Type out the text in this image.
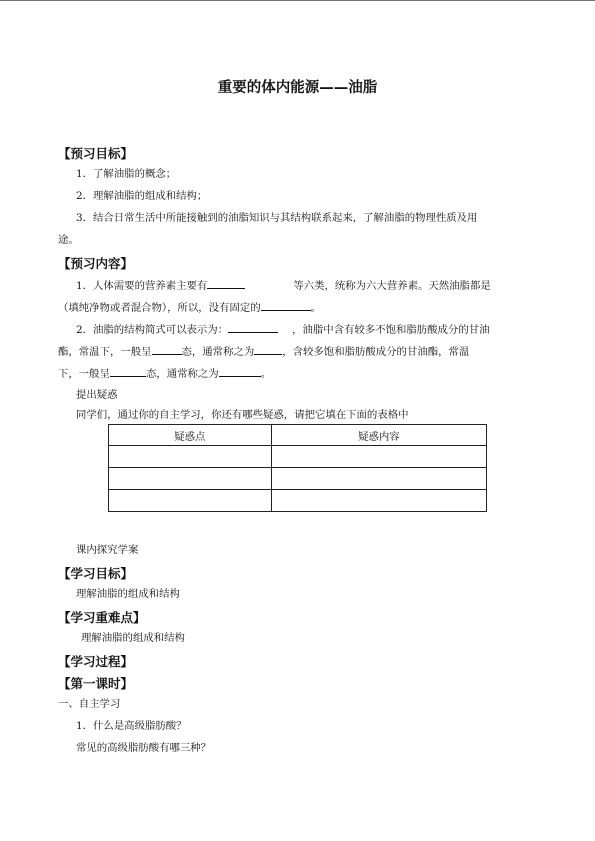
重要的体内能源——油脂
【预习目标】
1．了解油脂的概念；
2．理解油脂的组成和结构；
3．结合日常生活中所能接触到的油脂知识与其结构联系起来，了解油脂的物理性质及用
途。
【预习内容】
1．人体需要的营养素主要有	等六类，统称为六大营养素。天然油脂都是
（填纯净物或者混合物），所以，没有固定的	。
2．油脂的结构简式可以表示为：	，油脂中含有较多不饱和脂肪酸成分的甘油
酯，常温下，一般呈	态，通常称之为	，含较多饱和脂肪酸成分的甘油酯，常温
下，一般呈	态，通常称之为	。
提出疑惑
同学们，通过你的自主学习，你还有哪些疑惑，请把它填在下面的表格中
疑惑点	疑惑内容

课内探究学案
【学习目标】
理解油脂的组成和结构
【学习重难点】
理解油脂的组成和结构
【学习过程】
【第一课时】
一、自主学习
1．什么是高级脂肪酸？
常见的高级脂肪酸有哪三种？
